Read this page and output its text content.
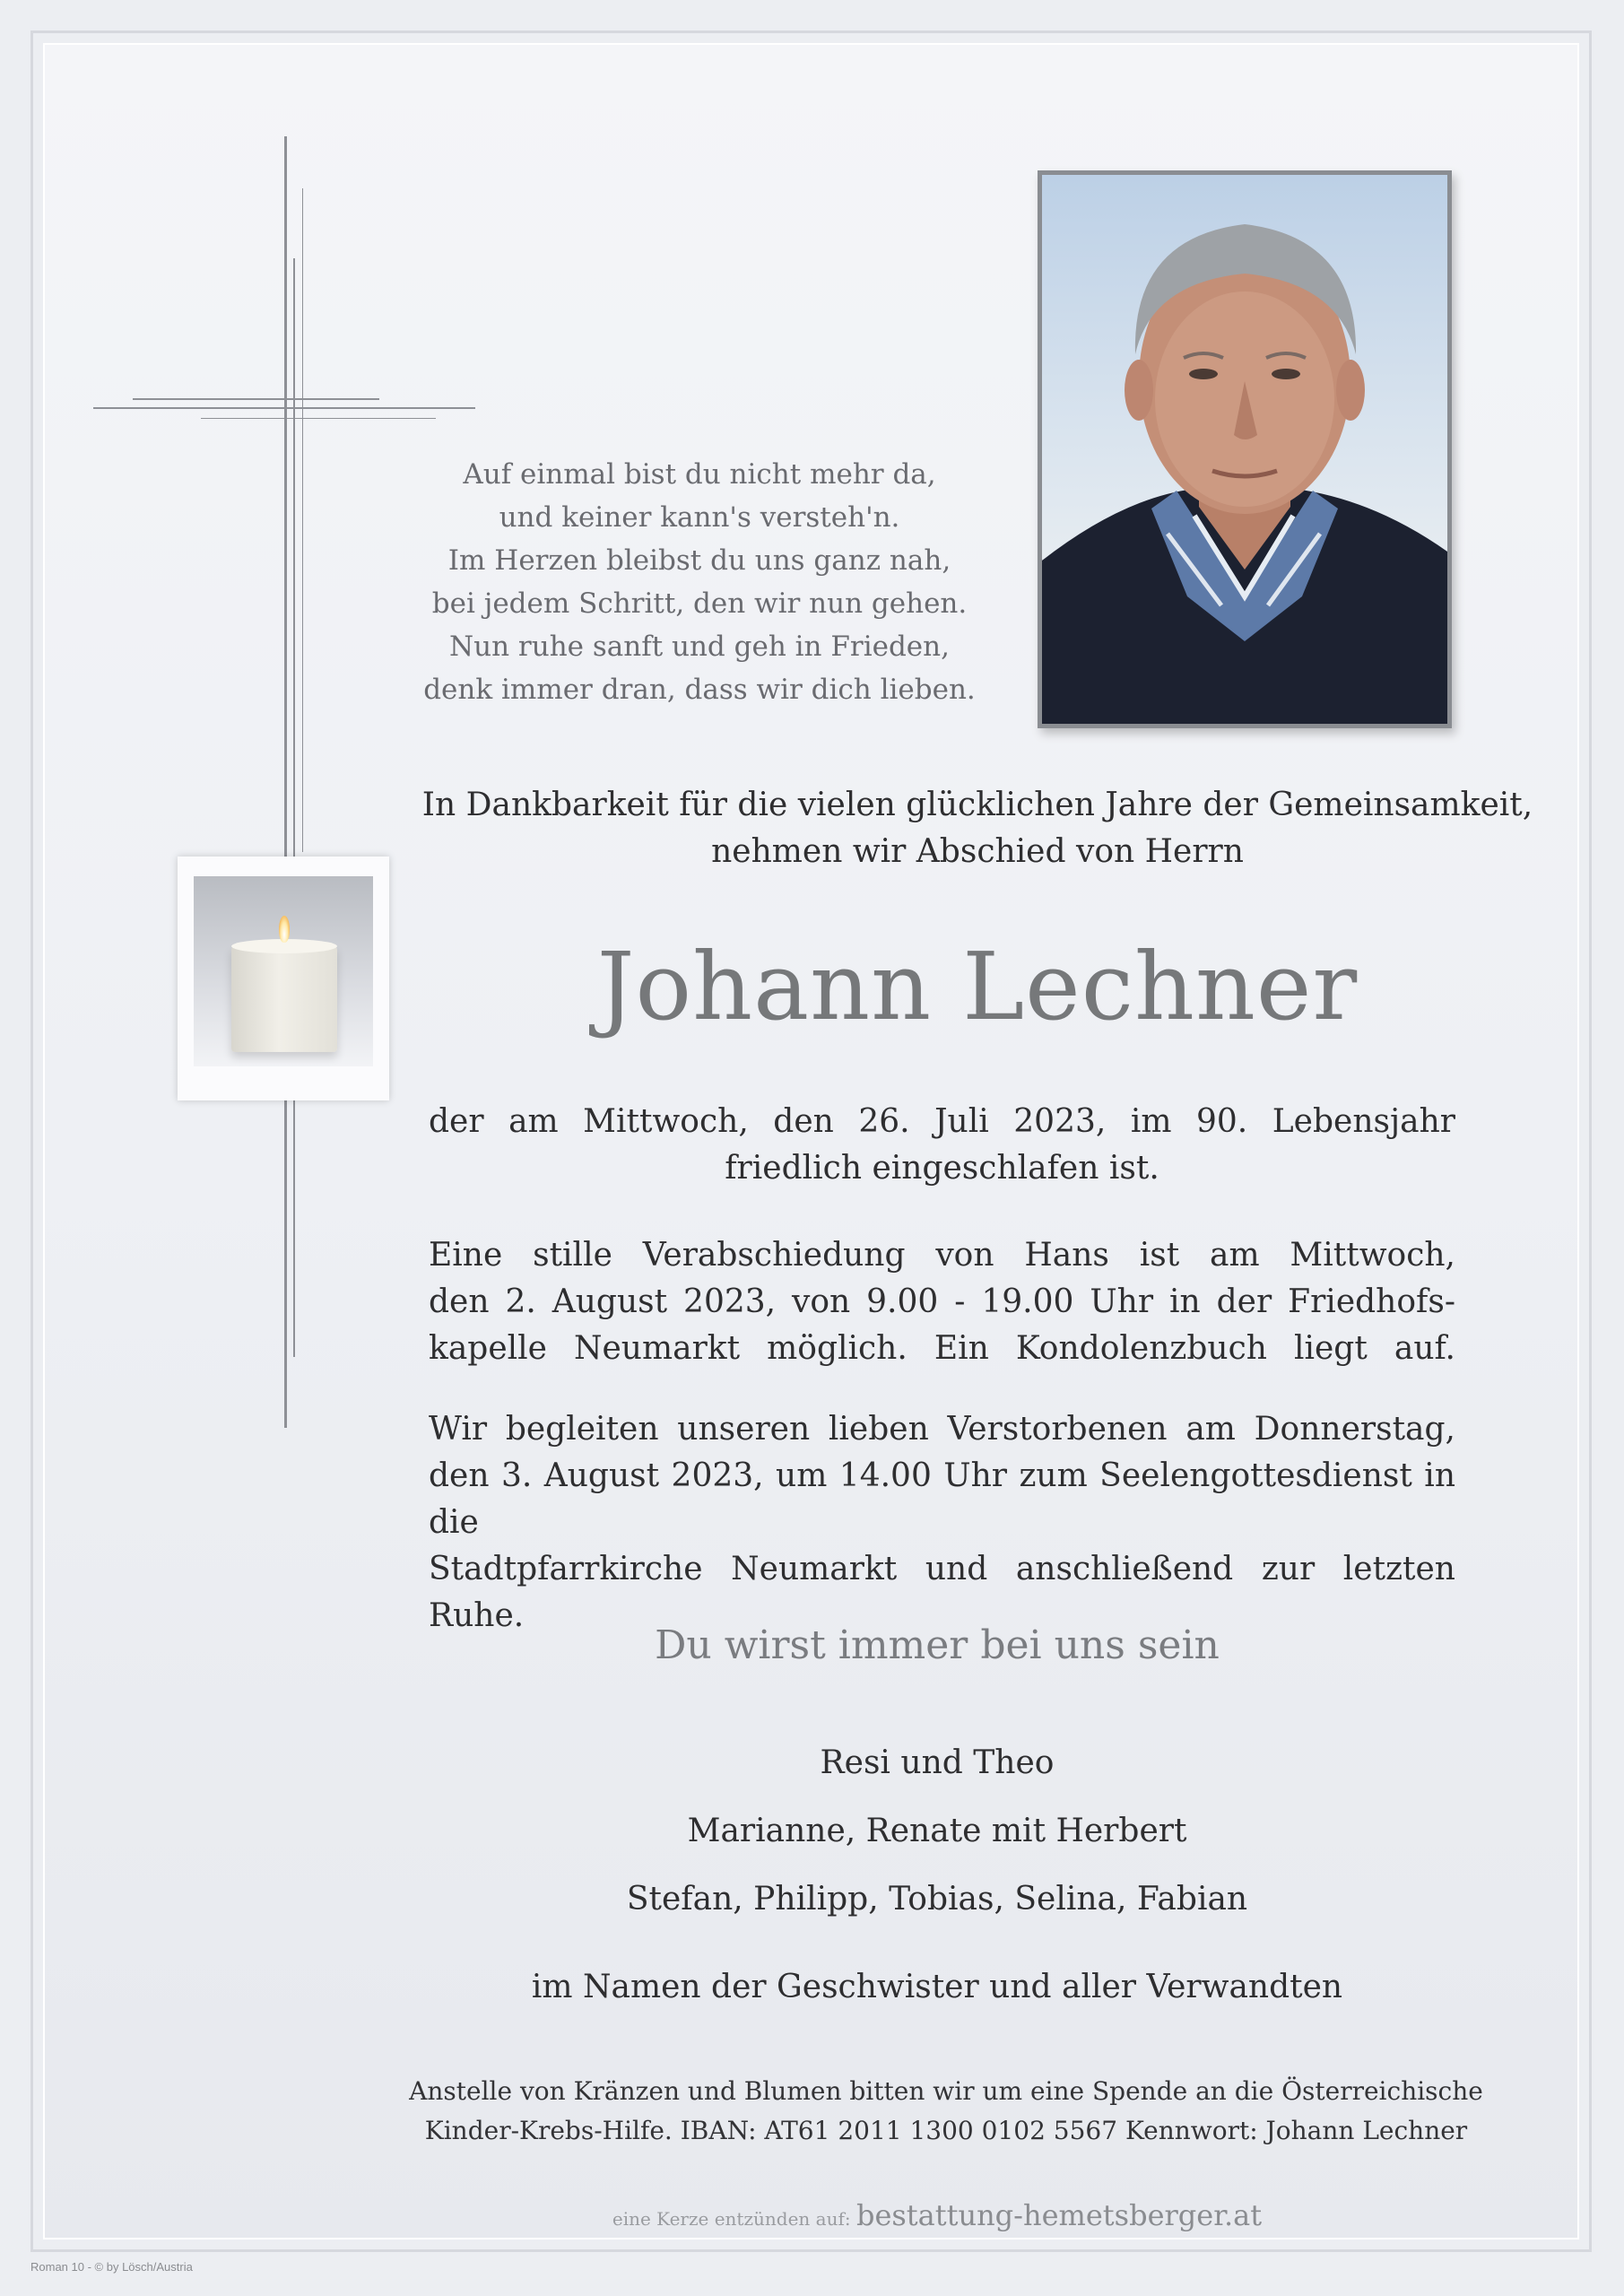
Auf einmal bist du nicht mehr da,
und keiner kann's versteh'n.
Im Herzen bleibst du uns ganz nah,
bei jedem Schritt, den wir nun gehen.
Nun ruhe sanft und geh in Frieden,
denk immer dran, dass wir dich lieben.
In Dankbarkeit für die vielen glücklichen Jahre der Gemeinsamkeit,
nehmen wir Abschied von Herrn
Johann Lechner
der am Mittwoch, den 26. Juli 2023, im 90. Lebensjahr
friedlich eingeschlafen ist.
Eine stille Verabschiedung von Hans ist am Mittwoch,
den 2. August 2023, von 9.00 - 19.00 Uhr in der Friedhofs-
kapelle Neumarkt möglich. Ein Kondolenzbuch liegt auf.
Wir begleiten unseren lieben Verstorbenen am Donnerstag,
den 3. August 2023, um 14.00 Uhr zum Seelengottesdienst in die
Stadtpfarrkirche Neumarkt und anschließend zur letzten Ruhe.
Du wirst immer bei uns sein
Resi und Theo
Marianne, Renate mit Herbert
Stefan, Philipp, Tobias, Selina, Fabian
im Namen der Geschwister und aller Verwandten
Anstelle von Kränzen und Blumen bitten wir um eine Spende an die Österreichische
Kinder-Krebs-Hilfe. IBAN: AT61 2011 1300 0102 5567 Kennwort: Johann Lechner
eine Kerze entzünden auf: bestattung-hemetsberger.at
Roman 10 - © by Lösch/Austria
